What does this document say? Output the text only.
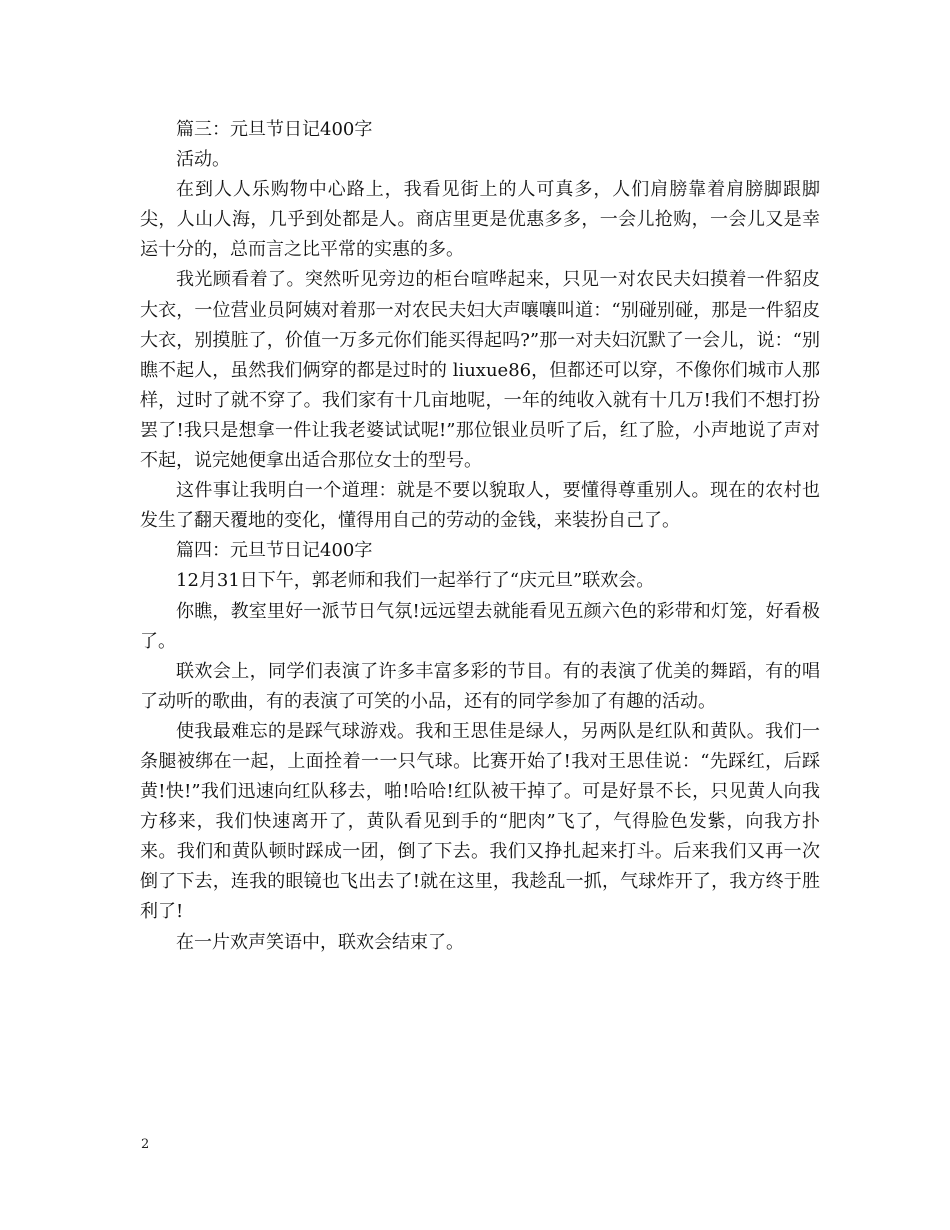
篇三：元旦节日记400字

活动。

在到人人乐购物中心路上，我看见街上的人可真多，人们肩膀靠着肩膀脚跟脚尖，人山人海，几乎到处都是人。商店里更是优惠多多，一会儿抢购，一会儿又是幸运十分的，总而言之比平常的实惠的多。

我光顾看着了。突然听见旁边的柜台喧哗起来，只见一对农民夫妇摸着一件貂皮大衣，一位营业员阿姨对着那一对农民夫妇大声嚷嚷叫道：“别碰别碰，那是一件貂皮大衣，别摸脏了，价值一万多元你们能买得起吗?”那一对夫妇沉默了一会儿，说：“别瞧不起人，虽然我们俩穿的都是过时的 liuxue86，但都还可以穿，不像你们城市人那样，过时了就不穿了。我们家有十几亩地呢，一年的纯收入就有十几万!我们不想打扮罢了!我只是想拿一件让我老婆试试呢!”那位银业员听了后，红了脸，小声地说了声对不起，说完她便拿出适合那位女士的型号。

这件事让我明白一个道理：就是不要以貌取人，要懂得尊重别人。现在的农村也发生了翻天覆地的变化，懂得用自己的劳动的金钱，来装扮自己了。

篇四：元旦节日记400字

12月31日下午，郭老师和我们一起举行了“庆元旦”联欢会。

你瞧，教室里好一派节日气氛!远远望去就能看见五颜六色的彩带和灯笼，好看极了。

联欢会上，同学们表演了许多丰富多彩的节目。有的表演了优美的舞蹈，有的唱了动听的歌曲，有的表演了可笑的小品，还有的同学参加了有趣的活动。

使我最难忘的是踩气球游戏。我和王思佳是绿人，另两队是红队和黄队。我们一条腿被绑在一起，上面拴着一一只气球。比赛开始了!我对王思佳说：“先踩红，后踩黄!快!”我们迅速向红队移去，啪!哈哈!红队被干掉了。可是好景不长，只见黄人向我方移来，我们快速离开了，黄队看见到手的“肥肉”飞了，气得脸色发紫，向我方扑来。我们和黄队顿时踩成一团，倒了下去。我们又挣扎起来打斗。后来我们又再一次倒了下去，连我的眼镜也飞出去了!就在这里，我趁乱一抓，气球炸开了，我方终于胜利了!

在一片欢声笑语中，联欢会结束了。

2
